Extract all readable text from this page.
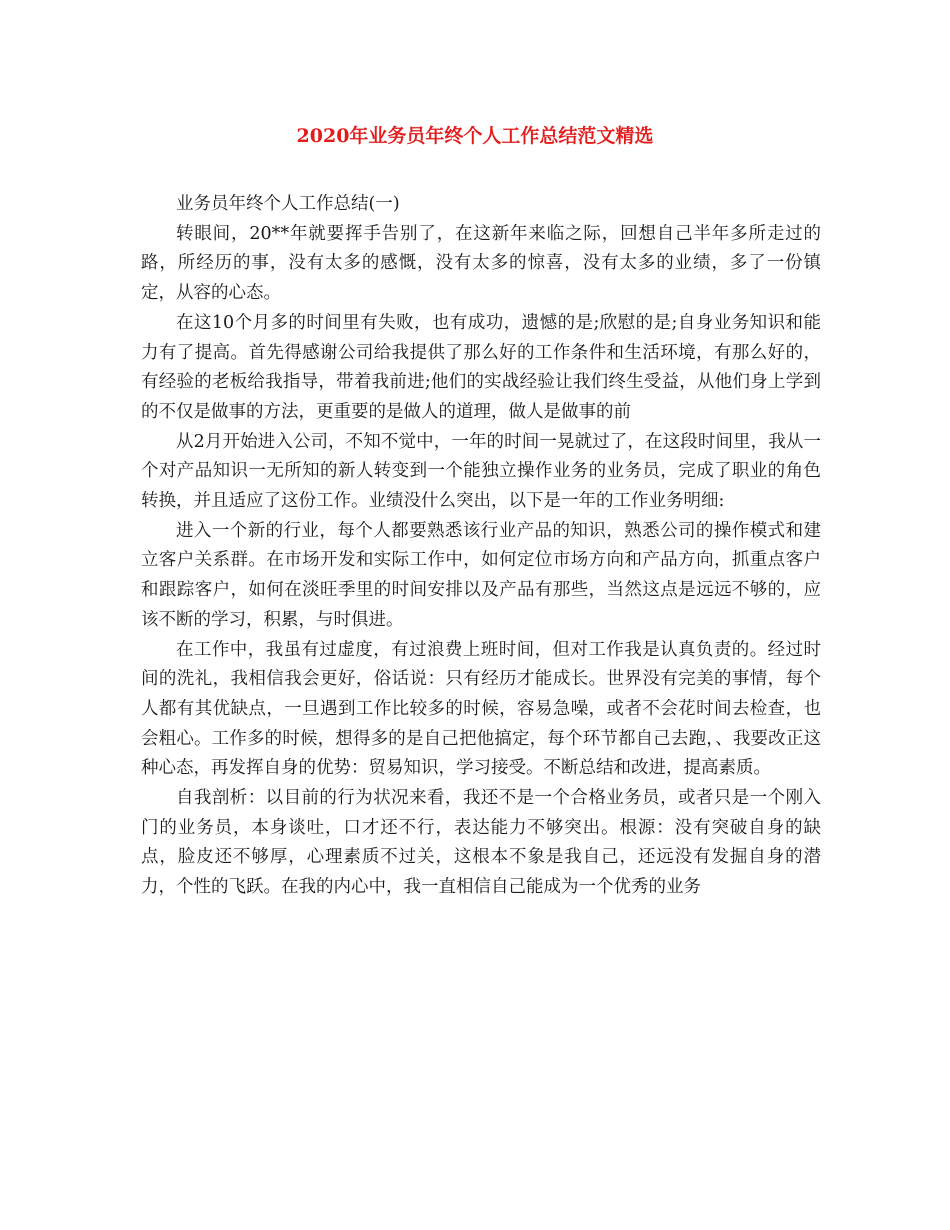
2020年业务员年终个人工作总结范文精选

业务员年终个人工作总结(一)

转眼间，20**年就要挥手告别了，在这新年来临之际，回想自己半年多所走过的路，所经历的事，没有太多的感慨，没有太多的惊喜，没有太多的业绩，多了一份镇定，从容的心态。

在这10个月多的时间里有失败，也有成功，遗憾的是;欣慰的是;自身业务知识和能力有了提高。首先得感谢公司给我提供了那么好的工作条件和生活环境，有那么好的，有经验的老板给我指导，带着我前进;他们的实战经验让我们终生受益，从他们身上学到的不仅是做事的方法，更重要的是做人的道理，做人是做事的前

从2月开始进入公司，不知不觉中，一年的时间一晃就过了，在这段时间里，我从一个对产品知识一无所知的新人转变到一个能独立操作业务的业务员，完成了职业的角色转换，并且适应了这份工作。业绩没什么突出，以下是一年的工作业务明细:

进入一个新的行业，每个人都要熟悉该行业产品的知识，熟悉公司的操作模式和建立客户关系群。在市场开发和实际工作中，如何定位市场方向和产品方向，抓重点客户和跟踪客户，如何在淡旺季里的时间安排以及产品有那些，当然这点是远远不够的，应该不断的学习，积累，与时俱进。

在工作中，我虽有过虚度，有过浪费上班时间，但对工作我是认真负责的。经过时间的洗礼，我相信我会更好，俗话说：只有经历才能成长。世界没有完美的事情，每个人都有其优缺点，一旦遇到工作比较多的时候，容易急噪，或者不会花时间去检查，也会粗心。工作多的时候，想得多的是自己把他搞定，每个环节都自己去跑，、我要改正这种心态，再发挥自身的优势：贸易知识，学习接受。不断总结和改进，提高素质。

自我剖析：以目前的行为状况来看，我还不是一个合格业务员，或者只是一个刚入门的业务员，本身谈吐，口才还不行，表达能力不够突出。根源：没有突破自身的缺点，脸皮还不够厚，心理素质不过关，这根本不象是我自己，还远没有发掘自身的潜力，个性的飞跃。在我的内心中，我一直相信自己能成为一个优秀的业务
